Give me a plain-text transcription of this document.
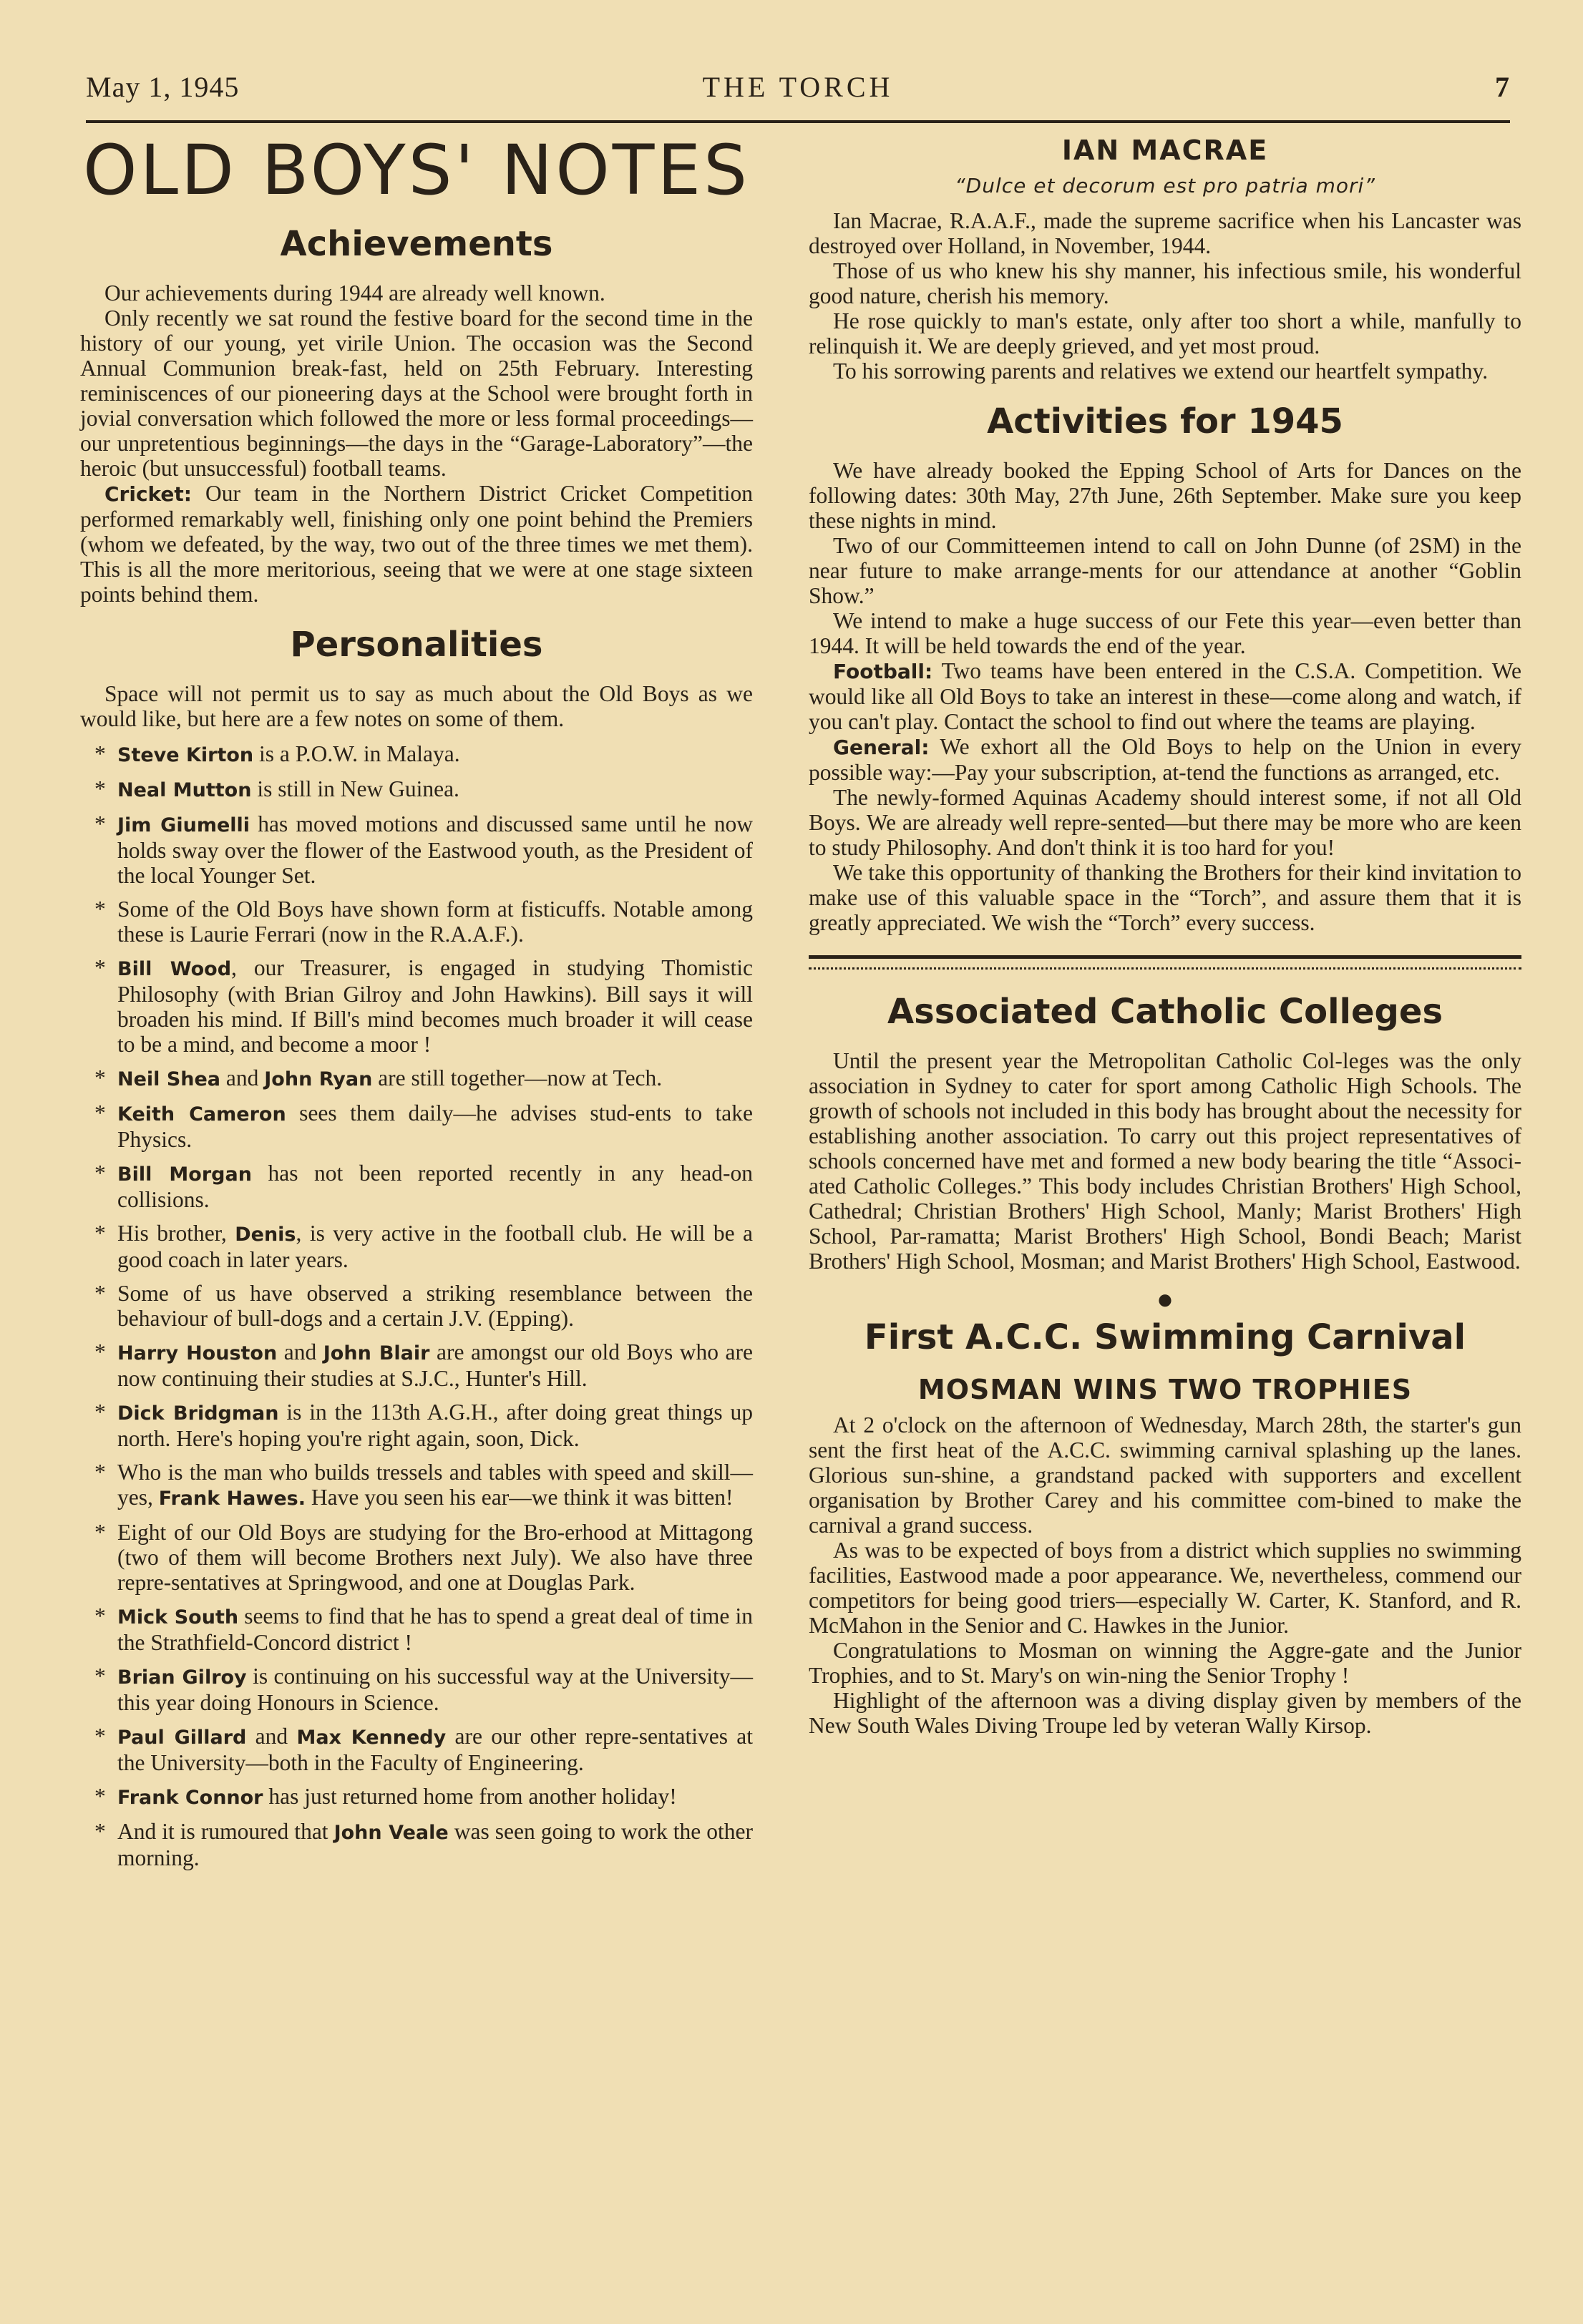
May 1, 1945	THE TORCH	7
OLD BOYS' NOTES
Achievements

Our achievements during 1944 are already well known.

Only recently we sat round the festive board for the second time in the history of our young, yet virile Union. The occasion was the Second Annual Communion break-fast, held on 25th February. Interesting reminiscences of our pioneering days at the School were brought forth in jovial conversation which followed the more or less formal proceedings—our unpretentious beginnings—the days in the “Garage-Laboratory”—the heroic (but unsuccessful) football teams.

Cricket: Our team in the Northern District Cricket Competition performed remarkably well, finishing only one point behind the Premiers (whom we defeated, by the way, two out of the three times we met them). This is all the more meritorious, seeing that we were at one stage sixteen points behind them.

Personalities

Space will not permit us to say as much about the Old Boys as we would like, but here are a few notes on some of them.

* Steve Kirton is a P.O.W. in Malaya.
* Neal Mutton is still in New Guinea.
* Jim Giumelli has moved motions and discussed same until he now holds sway over the flower of the Eastwood youth, as the President of the local Younger Set.
* Some of the Old Boys have shown form at fisticuffs. Notable among these is Laurie Ferrari (now in the R.A.A.F.).
* Bill Wood, our Treasurer, is engaged in studying Thomistic Philosophy (with Brian Gilroy and John Hawkins). Bill says it will broaden his mind. If Bill's mind becomes much broader it will cease to be a mind, and become a moor !
* Neil Shea and John Ryan are still together—now at Tech.
* Keith Cameron sees them daily—he advises stud-ents to take Physics.
* Bill Morgan has not been reported recently in any head-on collisions.
* His brother, Denis, is very active in the football club. He will be a good coach in later years.
* Some of us have observed a striking resemblance between the behaviour of bull-dogs and a certain J.V. (Epping).
* Harry Houston and John Blair are amongst our old Boys who are now continuing their studies at S.J.C., Hunter's Hill.
* Dick Bridgman is in the 113th A.G.H., after doing great things up north. Here's hoping you're right again, soon, Dick.
* Who is the man who builds tressels and tables with speed and skill—yes, Frank Hawes. Have you seen his ear—we think it was bitten!
* Eight of our Old Boys are studying for the Bro-erhood at Mittagong (two of them will become Brothers next July). We also have three repre-sentatives at Springwood, and one at Douglas Park.
* Mick South seems to find that he has to spend a great deal of time in the Strathfield-Concord district !
* Brian Gilroy is continuing on his successful way at the University—this year doing Honours in Science.
* Paul Gillard and Max Kennedy are our other repre-sentatives at the University—both in the Faculty of Engineering.
* Frank Connor has just returned home from another holiday!
* And it is rumoured that John Veale was seen going to work the other morning.
IAN MACRAE
“Dulce et decorum est pro patria mori”

Ian Macrae, R.A.A.F., made the supreme sacrifice when his Lancaster was destroyed over Holland, in November, 1944.

Those of us who knew his shy manner, his infectious smile, his wonderful good nature, cherish his memory.

He rose quickly to man's estate, only after too short a while, manfully to relinquish it. We are deeply grieved, and yet most proud.

To his sorrowing parents and relatives we extend our heartfelt sympathy.

Activities for 1945

We have already booked the Epping School of Arts for Dances on the following dates: 30th May, 27th June, 26th September. Make sure you keep these nights in mind.

Two of our Committeemen intend to call on John Dunne (of 2SM) in the near future to make arrange-ments for our attendance at another “Goblin Show.”

We intend to make a huge success of our Fete this year—even better than 1944. It will be held towards the end of the year.

Football: Two teams have been entered in the C.S.A. Competition. We would like all Old Boys to take an interest in these—come along and watch, if you can't play. Contact the school to find out where the teams are playing.

General: We exhort all the Old Boys to help on the Union in every possible way:—Pay your subscription, at-tend the functions as arranged, etc.

The newly-formed Aquinas Academy should interest some, if not all Old Boys. We are already well repre-sented—but there may be more who are keen to study Philosophy. And don't think it is too hard for you!

We take this opportunity of thanking the Brothers for their kind invitation to make use of this valuable space in the “Torch”, and assure them that it is greatly appreciated. We wish the “Torch” every success.

Associated Catholic Colleges

Until the present year the Metropolitan Catholic Col-leges was the only association in Sydney to cater for sport among Catholic High Schools. The growth of schools not included in this body has brought about the necessity for establishing another association. To carry out this project representatives of schools concerned have met and formed a new body bearing the title “Associ-ated Catholic Colleges.” This body includes Christian Brothers' High School, Cathedral; Christian Brothers' High School, Manly; Marist Brothers' High School, Par-ramatta; Marist Brothers' High School, Bondi Beach; Marist Brothers' High School, Mosman; and Marist Brothers' High School, Eastwood.

●
First A.C.C. Swimming Carnival
MOSMAN WINS TWO TROPHIES

At 2 o'clock on the afternoon of Wednesday, March 28th, the starter's gun sent the first heat of the A.C.C. swimming carnival splashing up the lanes. Glorious sun-shine, a grandstand packed with supporters and excellent organisation by Brother Carey and his committee com-bined to make the carnival a grand success.

As was to be expected of boys from a district which supplies no swimming facilities, Eastwood made a poor appearance. We, nevertheless, commend our competitors for being good triers—especially W. Carter, K. Stanford, and R. McMahon in the Senior and C. Hawkes in the Junior.

Congratulations to Mosman on winning the Aggre-gate and the Junior Trophies, and to St. Mary's on win-ning the Senior Trophy !

Highlight of the afternoon was a diving display given by members of the New South Wales Diving Troupe led by veteran Wally Kirsop.
